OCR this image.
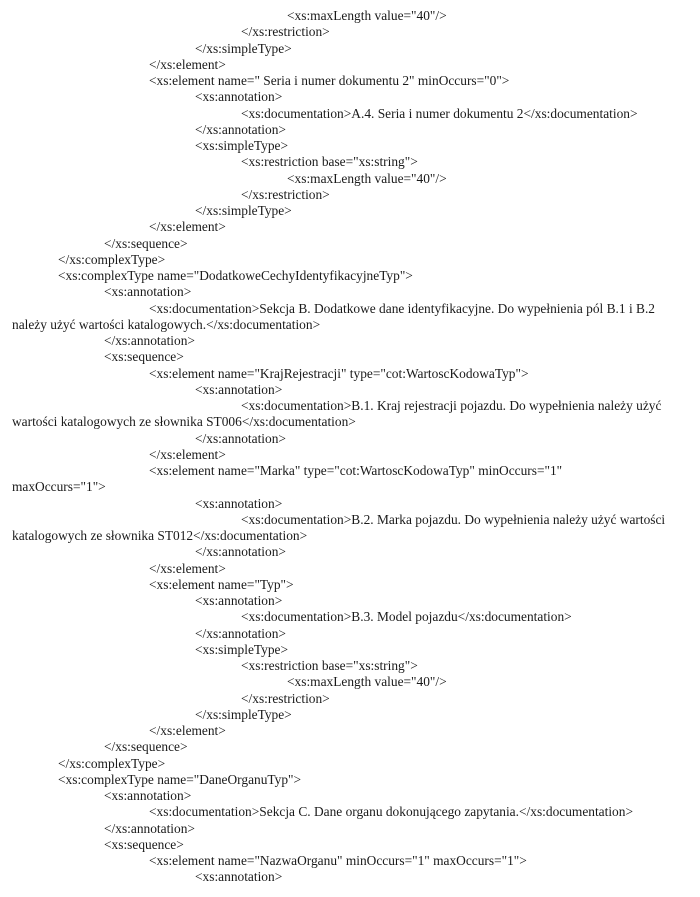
<xs:maxLength value="40"/>
</xs:restriction>
</xs:simpleType>
</xs:element>
<xs:element name=" Seria i numer dokumentu 2" minOccurs="0">
<xs:annotation>
<xs:documentation>A.4. Seria i numer dokumentu 2</xs:documentation>
</xs:annotation>
<xs:simpleType>
<xs:restriction base="xs:string">
<xs:maxLength value="40"/>
</xs:restriction>
</xs:simpleType>
</xs:element>
</xs:sequence>
</xs:complexType>
<xs:complexType name="DodatkoweCechyIdentyfikacyjneTyp">
<xs:annotation>
<xs:documentation>Sekcja B. Dodatkowe dane identyfikacyjne. Do wypełnienia pól B.1 i B.2
należy użyć wartości katalogowych.</xs:documentation>
</xs:annotation>
<xs:sequence>
<xs:element name="KrajRejestracji" type="cot:WartoscKodowaTyp">
<xs:annotation>
<xs:documentation>B.1. Kraj rejestracji pojazdu. Do wypełnienia należy użyć
wartości katalogowych ze słownika ST006</xs:documentation>
</xs:annotation>
</xs:element>
<xs:element name="Marka" type="cot:WartoscKodowaTyp" minOccurs="1"
maxOccurs="1">
<xs:annotation>
<xs:documentation>B.2. Marka pojazdu. Do wypełnienia należy użyć wartości
katalogowych ze słownika ST012</xs:documentation>
</xs:annotation>
</xs:element>
<xs:element name="Typ">
<xs:annotation>
<xs:documentation>B.3. Model pojazdu</xs:documentation>
</xs:annotation>
<xs:simpleType>
<xs:restriction base="xs:string">
<xs:maxLength value="40"/>
</xs:restriction>
</xs:simpleType>
</xs:element>
</xs:sequence>
</xs:complexType>
<xs:complexType name="DaneOrganuTyp">
<xs:annotation>
<xs:documentation>Sekcja C. Dane organu dokonującego zapytania.</xs:documentation>
</xs:annotation>
<xs:sequence>
<xs:element name="NazwaOrganu" minOccurs="1" maxOccurs="1">
<xs:annotation>
